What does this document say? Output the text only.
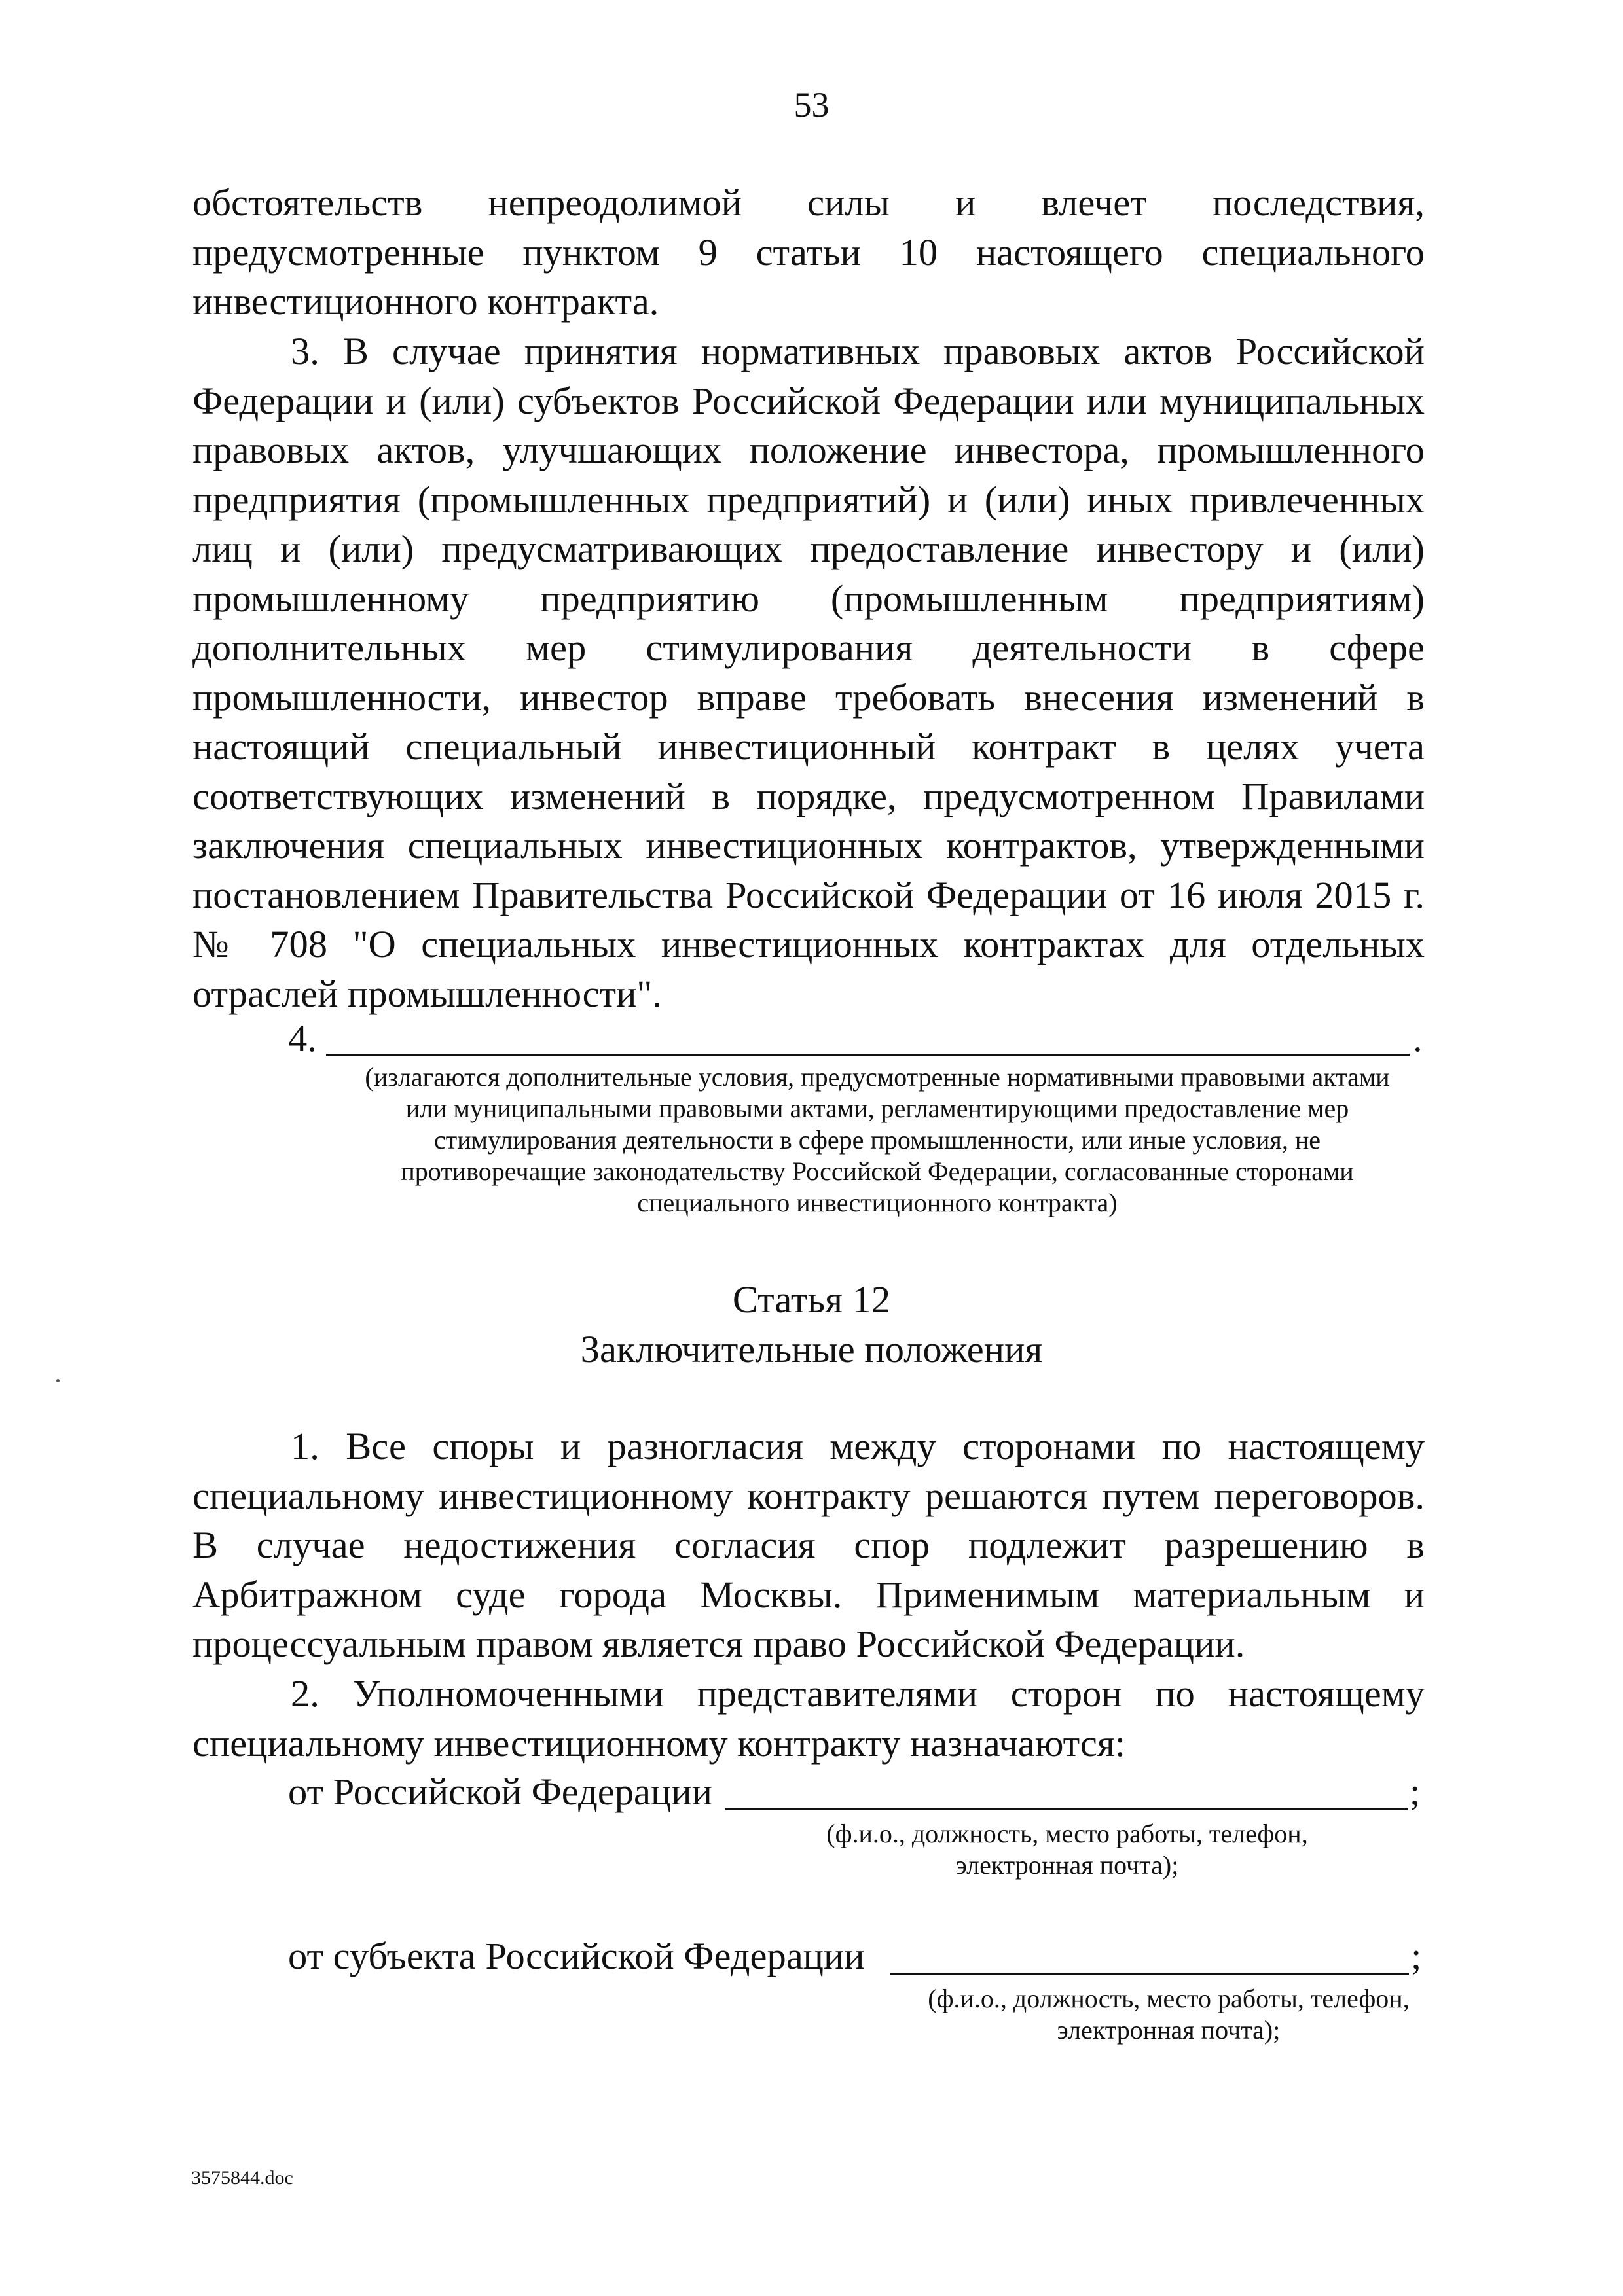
53
обстоятельств непреодолимой силы и влечет последствия,
предусмотренные пунктом 9 статьи 10 настоящего специального
инвестиционного контракта.
3. В случае принятия нормативных правовых актов Российской
Федерации и (или) субъектов Российской Федерации или муниципальных
правовых актов, улучшающих положение инвестора, промышленного
предприятия (промышленных предприятий) и (или) иных привлеченных
лиц и (или) предусматривающих предоставление инвестору и (или)
промышленному предприятию (промышленным предприятиям)
дополнительных мер стимулирования деятельности в сфере
промышленности, инвестор вправе требовать внесения изменений в
настоящий специальный инвестиционный контракт в целях учета
соответствующих изменений в порядке, предусмотренном Правилами
заключения специальных инвестиционных контрактов, утвержденными
постановлением Правительства Российской Федерации от 16 июля 2015 г.
№ 708 "О специальных инвестиционных контрактах для отдельных
отраслей промышленности".
4.	.
(излагаются дополнительные условия, предусмотренные нормативными правовыми актами
или муниципальными правовыми актами, регламентирующими предоставление мер
стимулирования деятельности в сфере промышленности, или иные условия, не
противоречащие законодательству Российской Федерации, согласованные сторонами
специального инвестиционного контракта)
Статья 12
Заключительные положения
1. Все споры и разногласия между сторонами по настоящему
специальному инвестиционному контракту решаются путем переговоров.
В случае недостижения согласия спор подлежит разрешению в
Арбитражном суде города Москвы. Применимым материальным и
процессуальным правом является право Российской Федерации.
2. Уполномоченными представителями сторон по настоящему
специальному инвестиционному контракту назначаются:
от Российской Федерации	;
(ф.и.о., должность, место работы, телефон,
электронная почта);
от субъекта Российской Федерации	;
(ф.и.о., должность, место работы, телефон,
электронная почта);
3575844.doc
